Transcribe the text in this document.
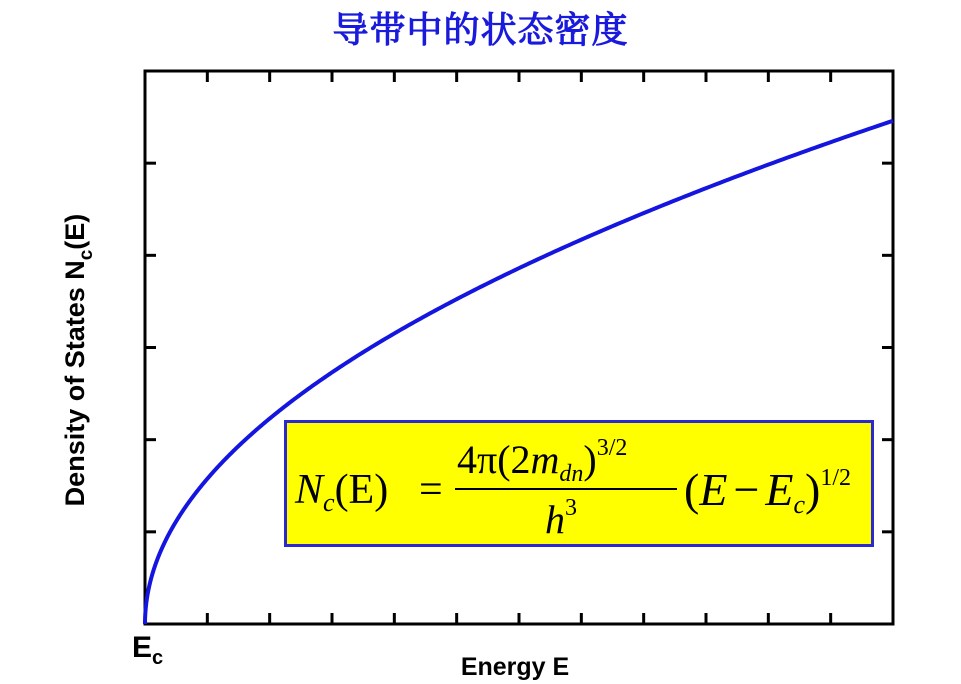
导带中的状态密度
Density of States $N_c(E)$
Energy E
$E_c$
Nc(E) =
$4\pi(2m_{dn})^{3/2}$
$h^3$ $(E - Ec)^{1/2}$
